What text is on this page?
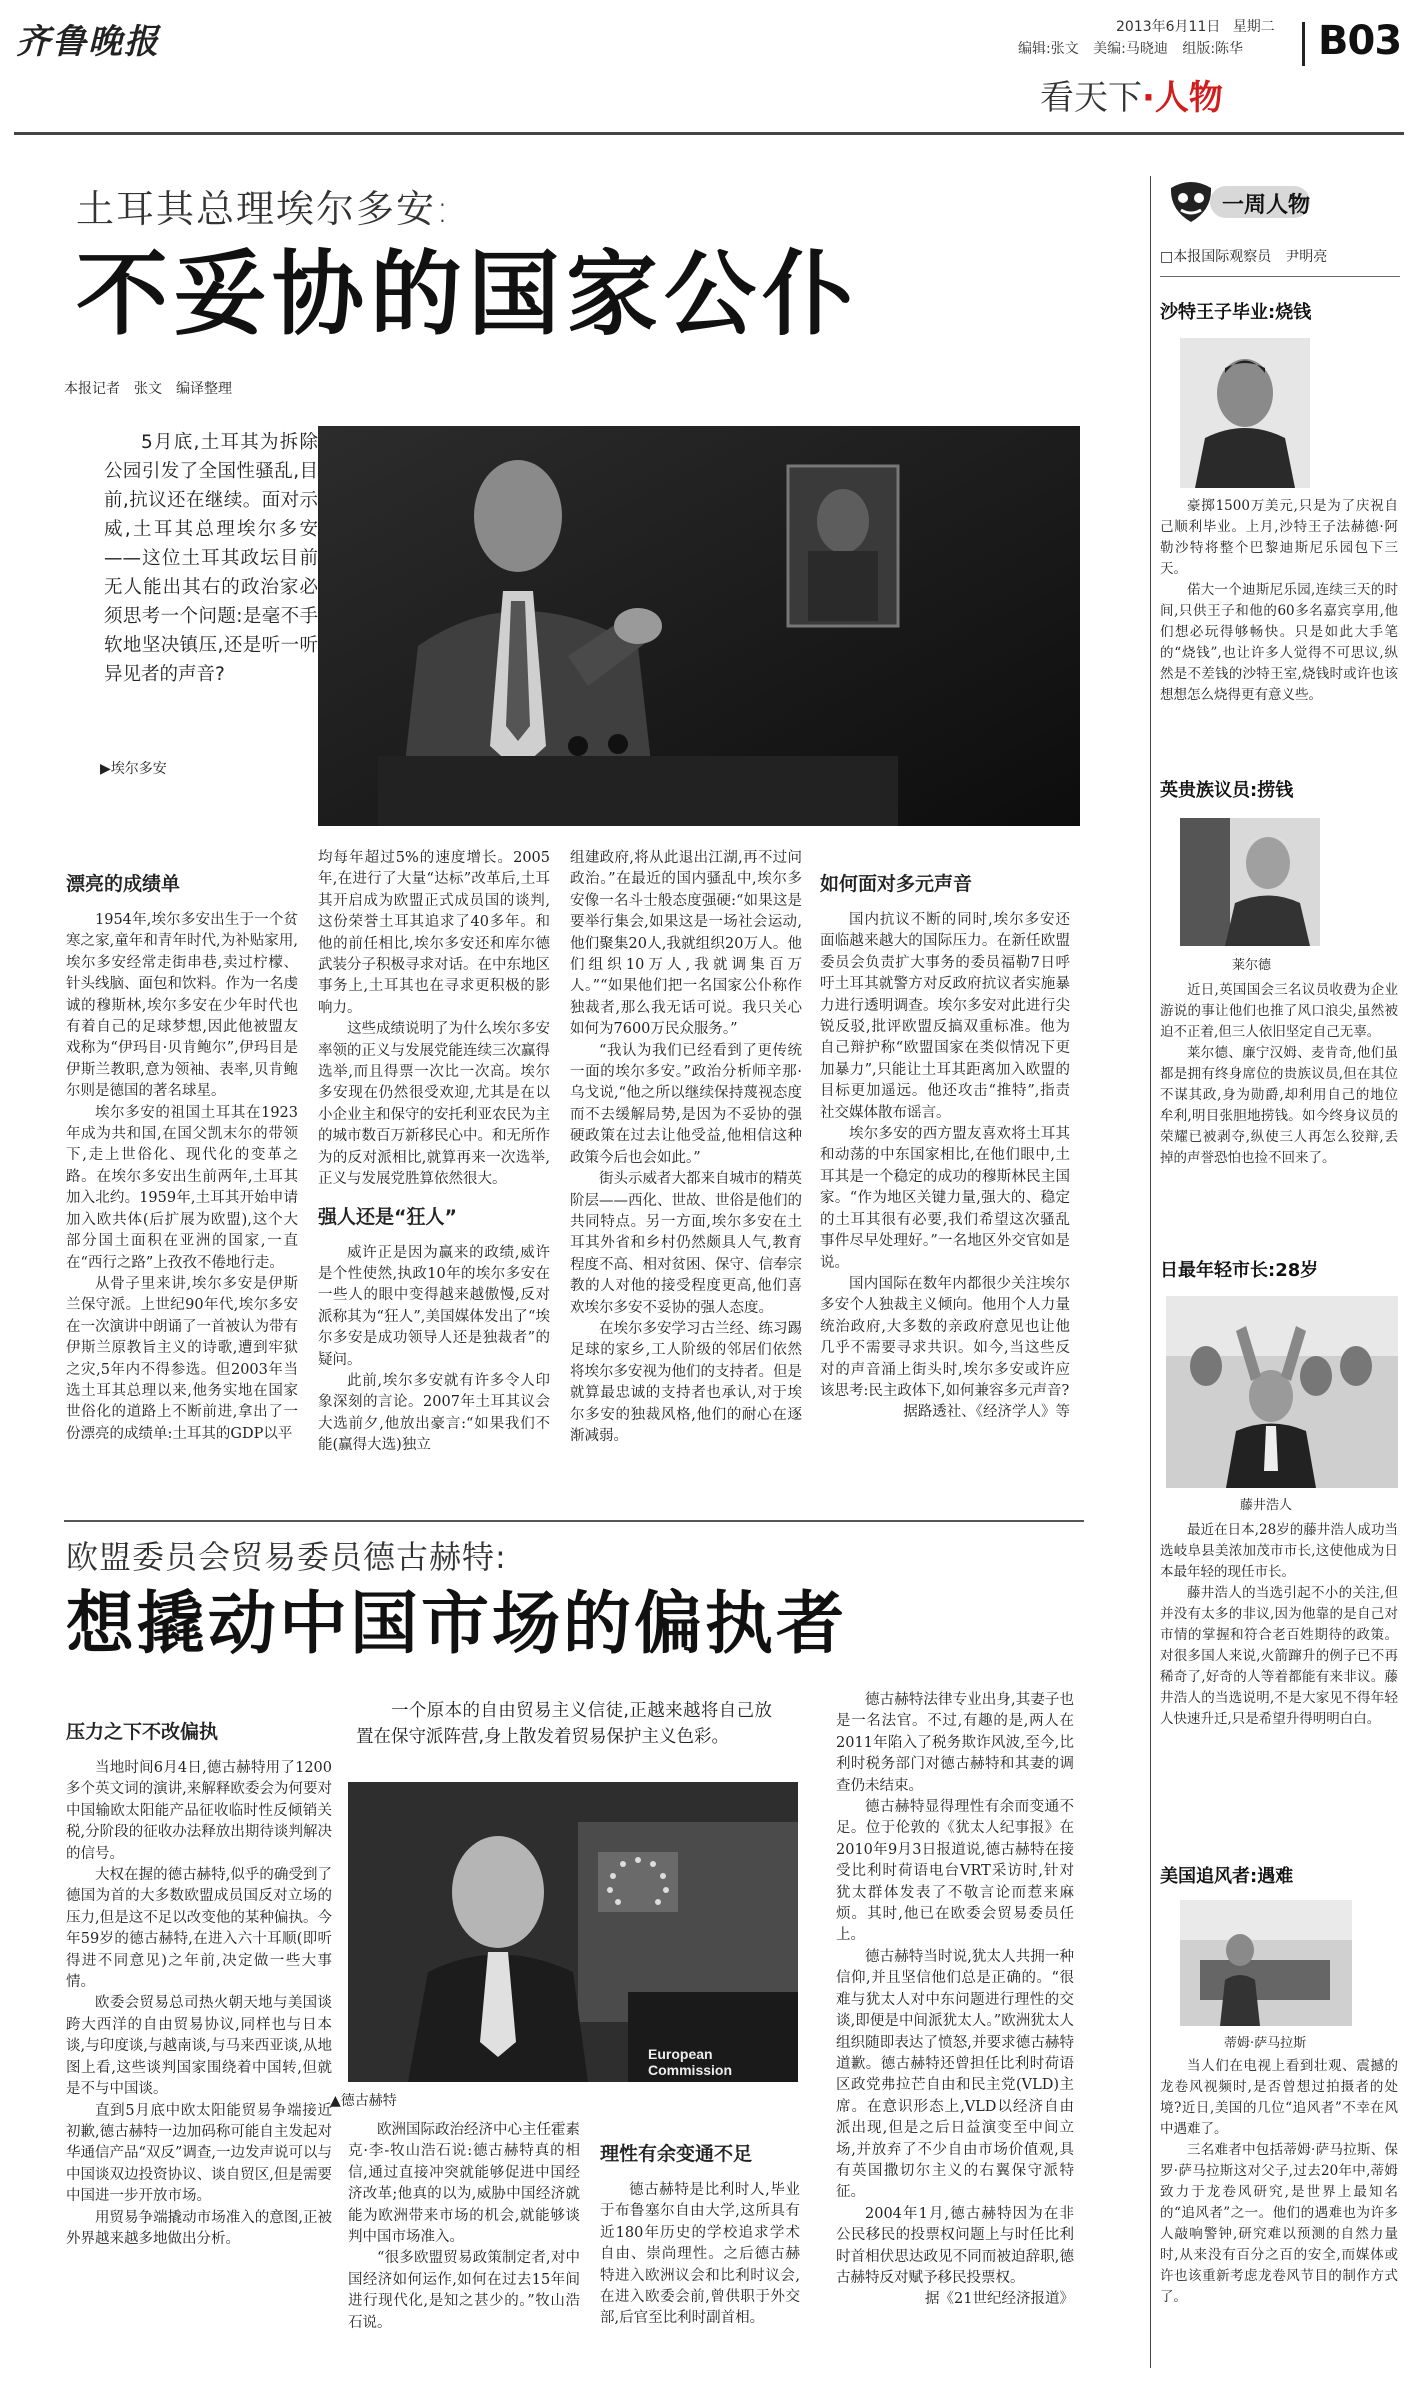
齐鲁晚报	2013年6月11日 星期二
编辑:张文 美编:马晓迪 组版:陈华 B03
看天下·人物
土耳其总理埃尔多安:
不妥协的国家公仆
本报记者　张文　编译整理
5月底,土耳其为拆除公园引发了全国性骚乱,目前,抗议还在继续。面对示威,土耳其总理埃尔多安——这位土耳其政坛目前无人能出其右的政治家必须思考一个问题:是毫不手软地坚决镇压,还是听一听异见者的声音?
▶埃尔多安
漂亮的成绩单

1954年,埃尔多安出生于一个贫寒之家,童年和青年时代,为补贴家用,埃尔多安经常走街串巷,卖过柠檬、针头线脑、面包和饮料。作为一名虔诚的穆斯林,埃尔多安在少年时代也有着自己的足球梦想,因此他被盟友戏称为“伊玛目·贝肯鲍尔”,伊玛目是伊斯兰教职,意为领袖、表率,贝肯鲍尔则是德国的著名球星。

埃尔多安的祖国土耳其在1923年成为共和国,在国父凯末尔的带领下,走上世俗化、现代化的变革之路。在埃尔多安出生前两年,土耳其加入北约。1959年,土耳其开始申请加入欧共体(后扩展为欧盟),这个大部分国土面积在亚洲的国家,一直在“西行之路”上孜孜不倦地行走。

从骨子里来讲,埃尔多安是伊斯兰保守派。上世纪90年代,埃尔多安在一次演讲中朗诵了一首被认为带有伊斯兰原教旨主义的诗歌,遭到牢狱之灾,5年内不得参选。但2003年当选土耳其总理以来,他务实地在国家世俗化的道路上不断前进,拿出了一份漂亮的成绩单:土耳其的GDP以平

均每年超过5%的速度增长。2005年,在进行了大量“达标”改革后,土耳其开启成为欧盟正式成员国的谈判,这份荣誉土耳其追求了40多年。和他的前任相比,埃尔多安还和库尔德武装分子积极寻求对话。在中东地区事务上,土耳其也在寻求更积极的影响力。

这些成绩说明了为什么埃尔多安率领的正义与发展党能连续三次赢得选举,而且得票一次比一次高。埃尔多安现在仍然很受欢迎,尤其是在以小企业主和保守的安托利亚农民为主的城市数百万新移民心中。和无所作为的反对派相比,就算再来一次选举,正义与发展党胜算依然很大。

强人还是“狂人”

威许正是因为赢来的政绩,威许是个性使然,执政10年的埃尔多安在一些人的眼中变得越来越傲慢,反对派称其为“狂人”,美国媒体发出了“埃尔多安是成功领导人还是独裁者”的疑问。

此前,埃尔多安就有许多令人印象深刻的言论。2007年土耳其议会大选前夕,他放出豪言:“如果我们不能(赢得大选)独立

组建政府,将从此退出江湖,再不过问政治。”在最近的国内骚乱中,埃尔多安像一名斗士般态度强硬:“如果这是要举行集会,如果这是一场社会运动,他们聚集20人,我就组织20万人。他们组织10万人,我就调集百万人。”“如果他们把一名国家公仆称作独裁者,那么我无话可说。我只关心如何为7600万民众服务。”

“我认为我们已经看到了更传统一面的埃尔多安。”政治分析师辛那·乌戈说,“他之所以继续保持蔑视态度而不去缓解局势,是因为不妥协的强硬政策在过去让他受益,他相信这种政策今后也会如此。”

街头示威者大都来自城市的精英阶层——西化、世故、世俗是他们的共同特点。另一方面,埃尔多安在土耳其外省和乡村仍然颇具人气,教育程度不高、相对贫困、保守、信奉宗教的人对他的接受程度更高,他们喜欢埃尔多安不妥协的强人态度。

在埃尔多安学习古兰经、练习踢足球的家乡,工人阶级的邻居们依然将埃尔多安视为他们的支持者。但是就算最忠诚的支持者也承认,对于埃尔多安的独裁风格,他们的耐心在逐渐减弱。

如何面对多元声音

国内抗议不断的同时,埃尔多安还面临越来越大的国际压力。在新任欧盟委员会负责扩大事务的委员福勒7日呼吁土耳其就警方对反政府抗议者实施暴力进行透明调查。埃尔多安对此进行尖锐反驳,批评欧盟反搞双重标准。他为自己辩护称“欧盟国家在类似情况下更加暴力”,只能让土耳其距离加入欧盟的目标更加遥远。他还攻击“推特”,指责社交媒体散布谣言。

埃尔多安的西方盟友喜欢将土耳其和动荡的中东国家相比,在他们眼中,土耳其是一个稳定的成功的穆斯林民主国家。“作为地区关键力量,强大的、稳定的土耳其很有必要,我们希望这次骚乱事件尽早处理好。”一名地区外交官如是说。

国内国际在数年内都很少关注埃尔多安个人独裁主义倾向。他用个人力量统治政府,大多数的亲政府意见也让他几乎不需要寻求共识。如今,当这些反对的声音涌上街头时,埃尔多安或许应该思考:民主政体下,如何兼容多元声音?

据路透社、《经济学人》等

欧盟委员会贸易委员德古赫特:
想撬动中国市场的偏执者
一个原本的自由贸易主义信徒,正越来越将自己放置在保守派阵营,身上散发着贸易保护主义色彩。
压力之下不改偏执

当地时间6月4日,德古赫特用了1200多个英文词的演讲,来解释欧委会为何要对中国输欧太阳能产品征收临时性反倾销关税,分阶段的征收办法释放出期待谈判解决的信号。

大权在握的德古赫特,似乎的确受到了德国为首的大多数欧盟成员国反对立场的压力,但是这不足以改变他的某种偏执。今年59岁的德古赫特,在进入六十耳顺(即听得进不同意见)之年前,决定做一些大事情。

欧委会贸易总司热火朝天地与美国谈跨大西洋的自由贸易协议,同样也与日本谈,与印度谈,与越南谈,与马来西亚谈,从地图上看,这些谈判国家围绕着中国转,但就是不与中国谈。

直到5月底中欧太阳能贸易争端接近初歉,德古赫特一边加码称可能自主发起对华通信产品“双反”调查,一边发声说可以与中国谈双边投资协议、谈自贸区,但是需要中国进一步开放市场。

用贸易争端撬动市场准入的意图,正被外界越来越多地做出分析。

European Commission
▲德古赫特

欧洲国际政治经济中心主任霍素克·李-牧山浩石说:德古赫特真的相信,通过直接冲突就能够促进中国经济改革;他真的以为,威胁中国经济就能为欧洲带来市场的机会,就能够谈判中国市场准入。

“很多欧盟贸易政策制定者,对中国经济如何运作,如何在过去15年间进行现代化,是知之甚少的。”牧山浩石说。

理性有余变通不足

德古赫特是比利时人,毕业于布鲁塞尔自由大学,这所具有近180年历史的学校追求学术自由、崇尚理性。之后德古赫特进入欧洲议会和比利时议会,在进入欧委会前,曾供职于外交部,后官至比利时副首相。

德古赫特法律专业出身,其妻子也是一名法官。不过,有趣的是,两人在2011年陷入了税务欺诈风波,至今,比利时税务部门对德古赫特和其妻的调查仍未结束。

德古赫特显得理性有余而变通不足。位于伦敦的《犹太人纪事报》在2010年9月3日报道说,德古赫特在接受比利时荷语电台VRT采访时,针对犹太群体发表了不敬言论而惹来麻烦。其时,他已在欧委会贸易委员任上。

德古赫特当时说,犹太人共拥一种信仰,并且坚信他们总是正确的。“很难与犹太人对中东问题进行理性的交谈,即便是中间派犹太人。”欧洲犹太人组织随即表达了愤怒,并要求德古赫特道歉。德古赫特还曾担任比利时荷语区政党弗拉芒自由和民主党(VLD)主席。在意识形态上,VLD以经济自由派出现,但是之后日益演变至中间立场,并放弃了不少自由市场价值观,具有英国撒切尔主义的右翼保守派特征。

2004年1月,德古赫特因为在非公民移民的投票权问题上与时任比利时首相伏思达政见不同而被迫辞职,德古赫特反对赋予移民投票权。

据《21世纪经济报道》

一周人物
□本报国际观察员　尹明亮
沙特王子毕业:烧钱

豪掷1500万美元,只是为了庆祝自己顺利毕业。上月,沙特王子法赫德·阿勒沙特将整个巴黎迪斯尼乐园包下三天。

偌大一个迪斯尼乐园,连续三天的时间,只供王子和他的60多名嘉宾享用,他们想必玩得够畅快。只是如此大手笔的“烧钱”,也让许多人觉得不可思议,纵然是不差钱的沙特王室,烧钱时或许也该想想怎么烧得更有意义些。

英贵族议员:捞钱
莱尔德

近日,英国国会三名议员收费为企业游说的事让他们也推了风口浪尖,虽然被迫不正着,但三人依旧坚定自己无辜。

莱尔德、廉宁汉姆、麦肯奇,他们虽都是拥有终身席位的贵族议员,但在其位不谋其政,身为勋爵,却利用自己的地位牟利,明目张胆地捞钱。如今终身议员的荣耀已被剥夺,纵使三人再怎么狡辩,丢掉的声誉恐怕也捡不回来了。

日最年轻市长:28岁
藤井浩人

最近在日本,28岁的藤井浩人成功当选岐阜县美浓加茂市市长,这使他成为日本最年轻的现任市长。

藤井浩人的当选引起不小的关注,但并没有太多的非议,因为他靠的是自己对市情的掌握和符合老百姓期待的政策。对很多国人来说,火箭蹿升的例子已不再稀奇了,好奇的人等着都能有来非议。藤井浩人的当选说明,不是大家见不得年轻人快速升迁,只是希望升得明明白白。

美国追风者:遇难
蒂姆·萨马拉斯

当人们在电视上看到壮观、震撼的龙卷风视频时,是否曾想过拍摄者的处境?近日,美国的几位“追风者”不幸在风中遇难了。

三名难者中包括蒂姆·萨马拉斯、保罗·萨马拉斯这对父子,过去20年中,蒂姆致力于龙卷风研究,是世界上最知名的“追风者”之一。他们的遇难也为许多人敲响警钟,研究难以预测的自然力量时,从来没有百分之百的安全,而媒体或许也该重新考虑龙卷风节目的制作方式了。
